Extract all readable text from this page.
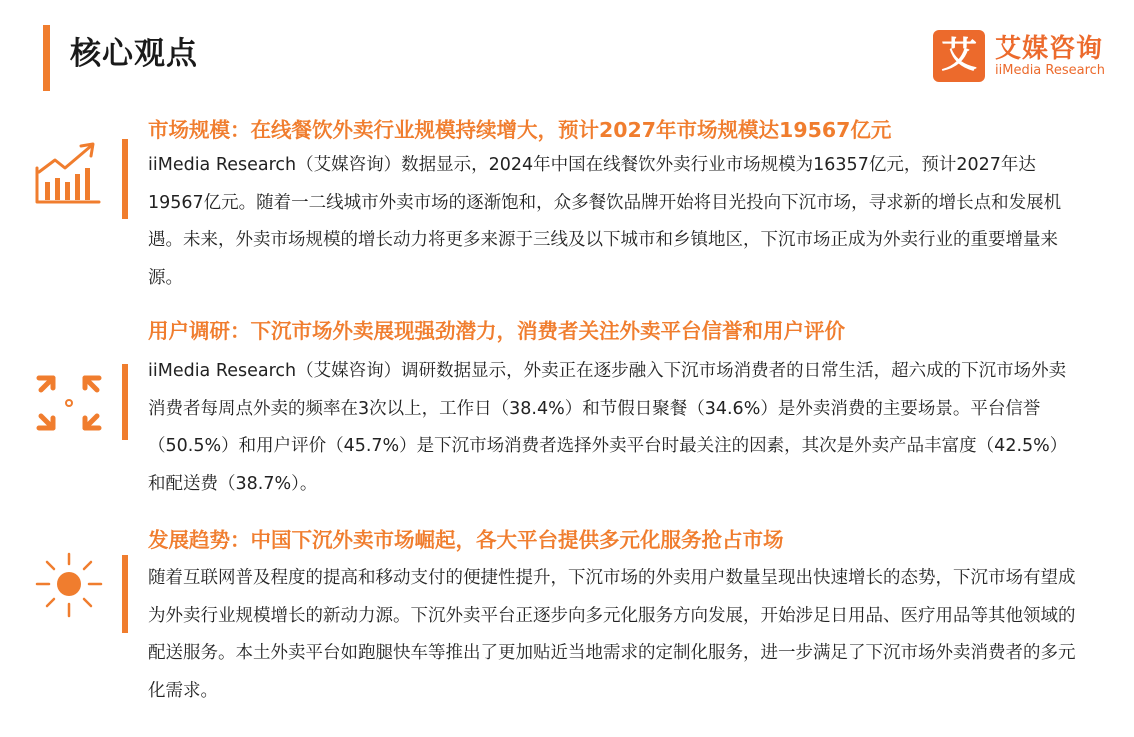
核心观点	艾 艾媒咨询
iiMedia Research
市场规模：在线餐饮外卖行业规模持续增大，预计2027年市场规模达19567亿元
iiMedia Research（艾媒咨询）数据显示，2024年中国在线餐饮外卖行业市场规模为16357亿元，预计2027年达19567亿元。随着一二线城市外卖市场的逐渐饱和，众多餐饮品牌开始将目光投向下沉市场，寻求新的增长点和发展机遇。未来，外卖市场规模的增长动力将更多来源于三线及以下城市和乡镇地区，下沉市场正成为外卖行业的重要增量来源。
用户调研：下沉市场外卖展现强劲潜力，消费者关注外卖平台信誉和用户评价
iiMedia Research（艾媒咨询）调研数据显示，外卖正在逐步融入下沉市场消费者的日常生活，超六成的下沉市场外卖消费者每周点外卖的频率在3次以上，工作日（38.4%）和节假日聚餐（34.6%）是外卖消费的主要场景。平台信誉（50.5%）和用户评价（45.7%）是下沉市场消费者选择外卖平台时最关注的因素，其次是外卖产品丰富度（42.5%）和配送费（38.7%）。
发展趋势：中国下沉外卖市场崛起，各大平台提供多元化服务抢占市场
随着互联网普及程度的提高和移动支付的便捷性提升，下沉市场的外卖用户数量呈现出快速增长的态势，下沉市场有望成为外卖行业规模增长的新动力源。下沉外卖平台正逐步向多元化服务方向发展，开始涉足日用品、医疗用品等其他领域的配送服务。本土外卖平台如跑腿快车等推出了更加贴近当地需求的定制化服务，进一步满足了下沉市场外卖消费者的多元化需求。
